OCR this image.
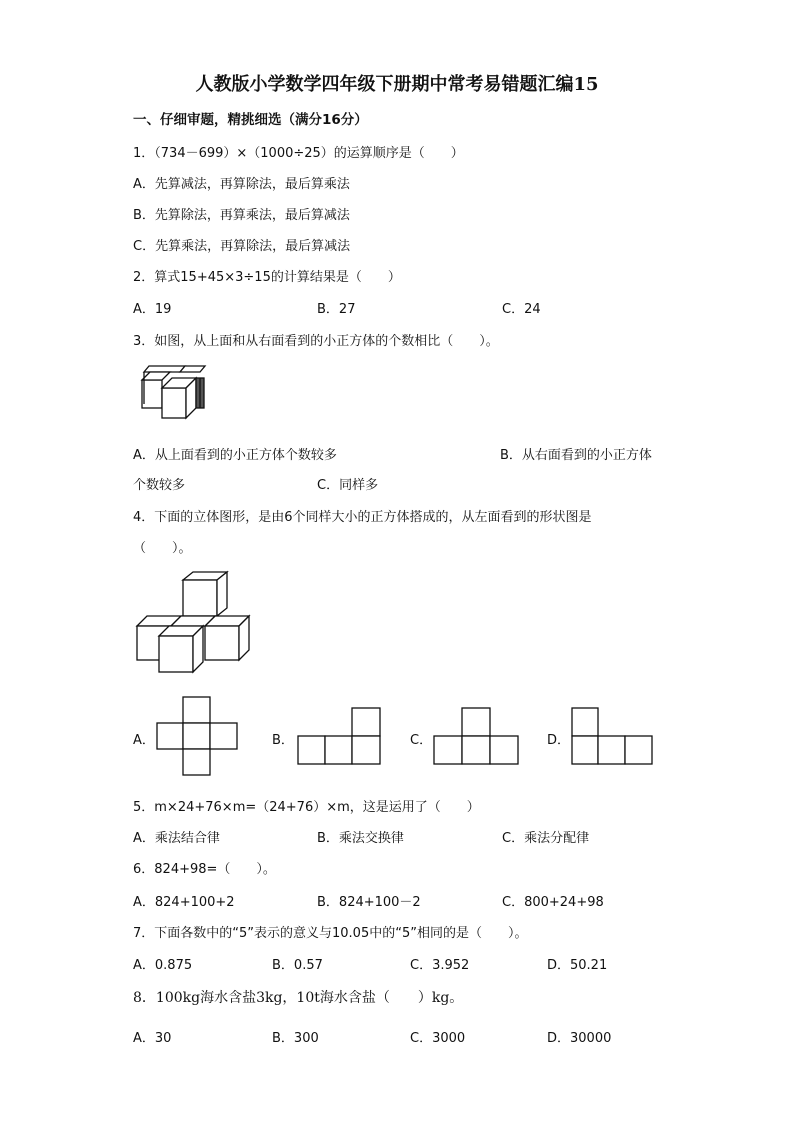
人教版小学数学四年级下册期中常考易错题汇编15
一、仔细审题，精挑细选（满分16分）
1．（734－699）×（1000÷25）的运算顺序是（　　）
A．先算减法，再算除法，最后算乘法
B．先算除法，再算乘法，最后算减法
C．先算乘法，再算除法，最后算减法
2．算式15+45×3÷15的计算结果是（　　）
A．19	B．27	C．24
3．如图，从上面和从右面看到的小正方体的个数相比（　　）。
A．从上面看到的小正方体个数较多	B．从右面看到的小正方体
个数较多	C．同样多
4．下面的立体图形，是由6个同样大小的正方体搭成的，从左面看到的形状图是
（　　）。
A．	B．	C．	D．
5．m×24+76×m=（24+76）×m，这是运用了（　　）
A．乘法结合律	B．乘法交换律	C．乘法分配律
6．824+98=（　　）。
A．824+100+2	B．824+100－2	C．800+24+98
7．下面各数中的“5”表示的意义与10.05中的“5”相同的是（　　）。
A．0.875	B．0.57	C．3.952	D．50.21
8．100kg海水含盐3kg，10t海水含盐（　　）kg。
A．30	B．300	C．3000	D．30000
